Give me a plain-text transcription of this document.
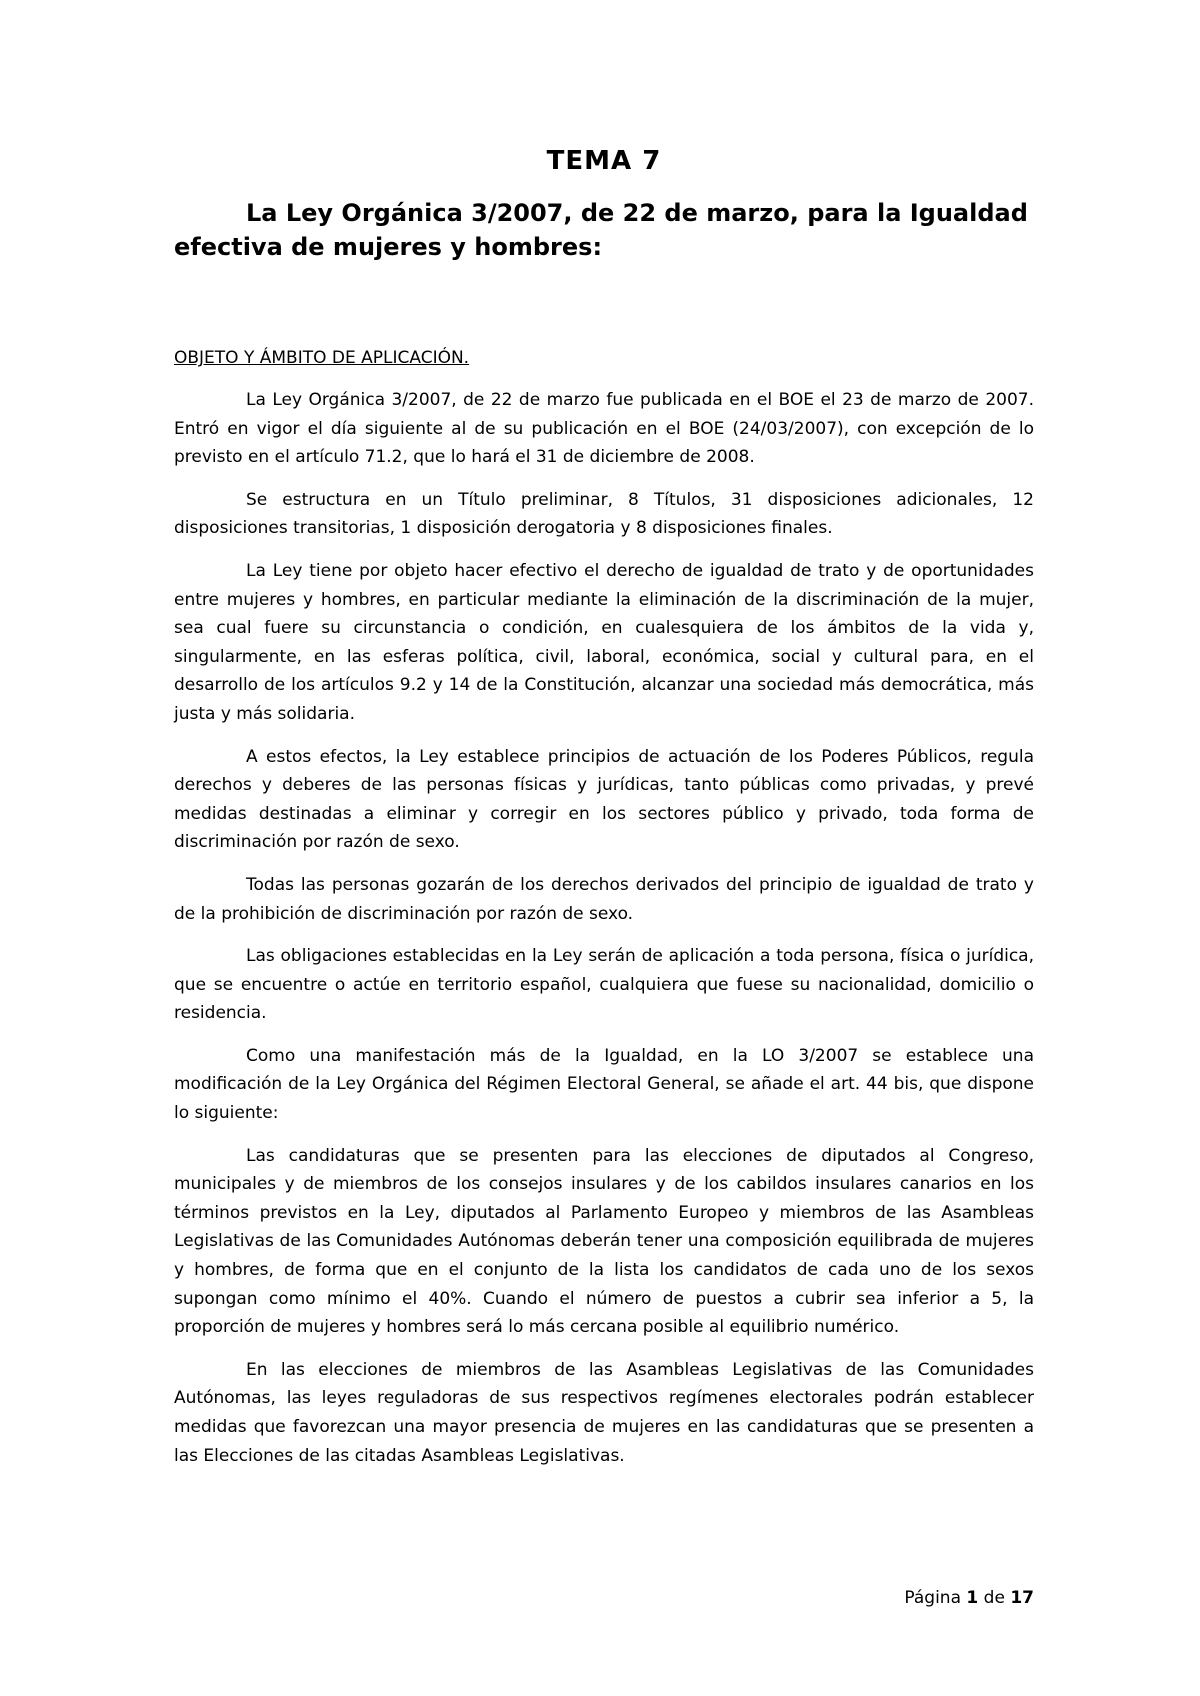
TEMA 7
La Ley Orgánica 3/2007, de 22 de marzo, para la Igualdad efectiva de mujeres y hombres:
OBJETO Y ÁMBITO DE APLICACIÓN.

La Ley Orgánica 3/2007, de 22 de marzo fue publicada en el BOE el 23 de marzo de 2007. Entró en vigor el día siguiente al de su publicación en el BOE (24/03/2007), con excepción de lo previsto en el artículo 71.2, que lo hará el 31 de diciembre de 2008.

Se estructura en un Título preliminar, 8 Títulos, 31 disposiciones adicionales, 12 disposiciones transitorias, 1 disposición derogatoria y 8 disposiciones finales.

La Ley tiene por objeto hacer efectivo el derecho de igualdad de trato y de oportunidades entre mujeres y hombres, en particular mediante la eliminación de la discriminación de la mujer, sea cual fuere su circunstancia o condición, en cualesquiera de los ámbitos de la vida y, singularmente, en las esferas política, civil, laboral, económica, social y cultural para, en el desarrollo de los artículos 9.2 y 14 de la Constitución, alcanzar una sociedad más democrática, más justa y más solidaria.

A estos efectos, la Ley establece principios de actuación de los Poderes Públicos, regula derechos y deberes de las personas físicas y jurídicas, tanto públicas como privadas, y prevé medidas destinadas a eliminar y corregir en los sectores público y privado, toda forma de discriminación por razón de sexo.

Todas las personas gozarán de los derechos derivados del principio de igualdad de trato y de la prohibición de discriminación por razón de sexo.

Las obligaciones establecidas en la Ley serán de aplicación a toda persona, física o jurídica, que se encuentre o actúe en territorio español, cualquiera que fuese su nacionalidad, domicilio o residencia.

Como una manifestación más de la Igualdad, en la LO 3/2007 se establece una modificación de la Ley Orgánica del Régimen Electoral General, se añade el art. 44 bis, que dispone lo siguiente:

Las candidaturas que se presenten para las elecciones de diputados al Congreso, municipales y de miembros de los consejos insulares y de los cabildos insulares canarios en los términos previstos en la Ley, diputados al Parlamento Europeo y miembros de las Asambleas Legislativas de las Comunidades Autónomas deberán tener una composición equilibrada de mujeres y hombres, de forma que en el conjunto de la lista los candidatos de cada uno de los sexos supongan como mínimo el 40%. Cuando el número de puestos a cubrir sea inferior a 5, la proporción de mujeres y hombres será lo más cercana posible al equilibrio numérico.

En las elecciones de miembros de las Asambleas Legislativas de las Comunidades Autónomas, las leyes reguladoras de sus respectivos regímenes electorales podrán establecer medidas que favorezcan una mayor presencia de mujeres en las candidaturas que se presenten a las Elecciones de las citadas Asambleas Legislativas.

Página 1 de 17
